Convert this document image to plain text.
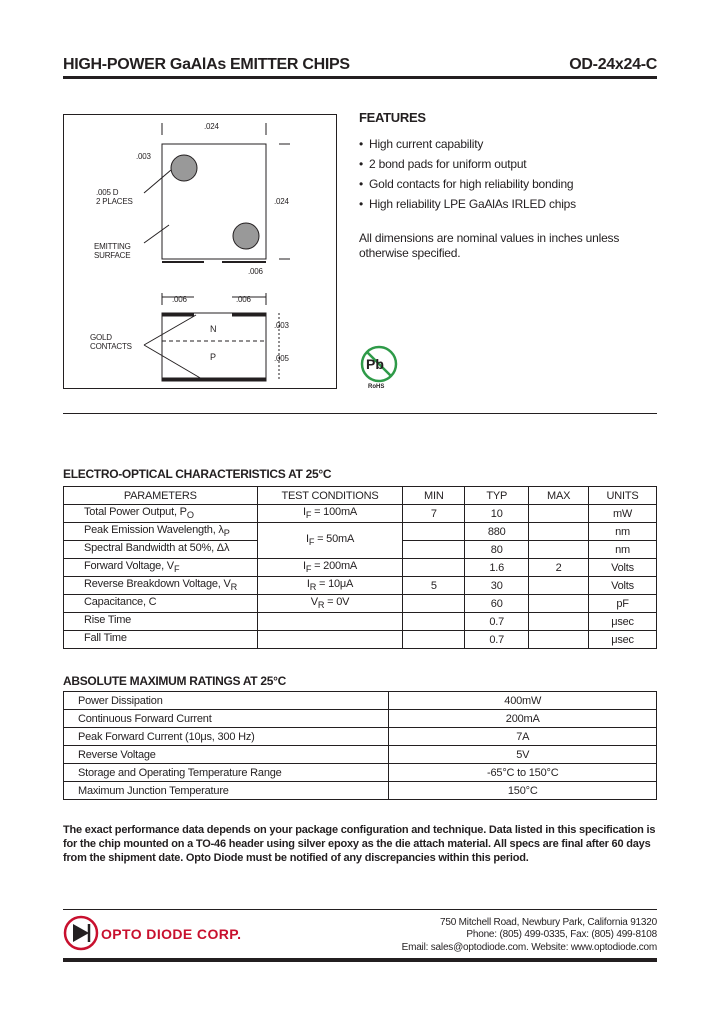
HIGH-POWER GaAlAs EMITTER CHIPS	OD-24x24-C
.024
.003
.005 D
2 PLACES	.024
EMITTING
SURFACE
.006
.006	.006
GOLD
CONTACTS
N
P
.003
.005
FEATURES
• High current capability
• 2 bond pads for uniform output
• Gold contacts for high reliability bonding
• High reliability LPE GaAlAs IRLED chips
All dimensions are nominal values in inches unless otherwise specified.
Pb
RoHS
ELECTRO-OPTICAL CHARACTERISTICS AT 25°C
PARAMETERS	TEST CONDITIONS	MIN	TYP	MAX	UNITS
Total Power Output, $P_O$	$I_F = 100mA$	7	10		mW
Peak Emission Wavelength, $\lambda_P$	$I_F = 50mA$		880		nm
Spectral Bandwidth at 50%, Δλ			80		nm
Forward Voltage, $V_F$	$I_F = 200mA$		1.6	2	Volts
Reverse Breakdown Voltage, $V_R$	$I_R = 10\mu A$	5	30		Volts
Capacitance, C	$V_R = 0V$		60		pF
Rise Time			0.7		μsec
Fall Time			0.7		μsec
ABSOLUTE MAXIMUM RATINGS AT 25°C
Power Dissipation	400mW
Continuous Forward Current	200mA
Peak Forward Current (10μs, 300 Hz)	7A
Reverse Voltage	5V
Storage and Operating Temperature Range	-65°C to 150°C
Maximum Junction Temperature	150°C
The exact performance data depends on your package configuration and technique. Data listed in this specification is for the chip mounted on a TO-46 header using silver epoxy as the die attach material. All specs are final after 60 days from the shipment date. Opto Diode must be notified of any discrepancies within this period.
OPTO DIODE CORP.
750 Mitchell Road, Newbury Park, California 91320
Phone: (805) 499-0335, Fax: (805) 499-8108
Email: sales@optodiode.com. Website: www.optodiode.com
